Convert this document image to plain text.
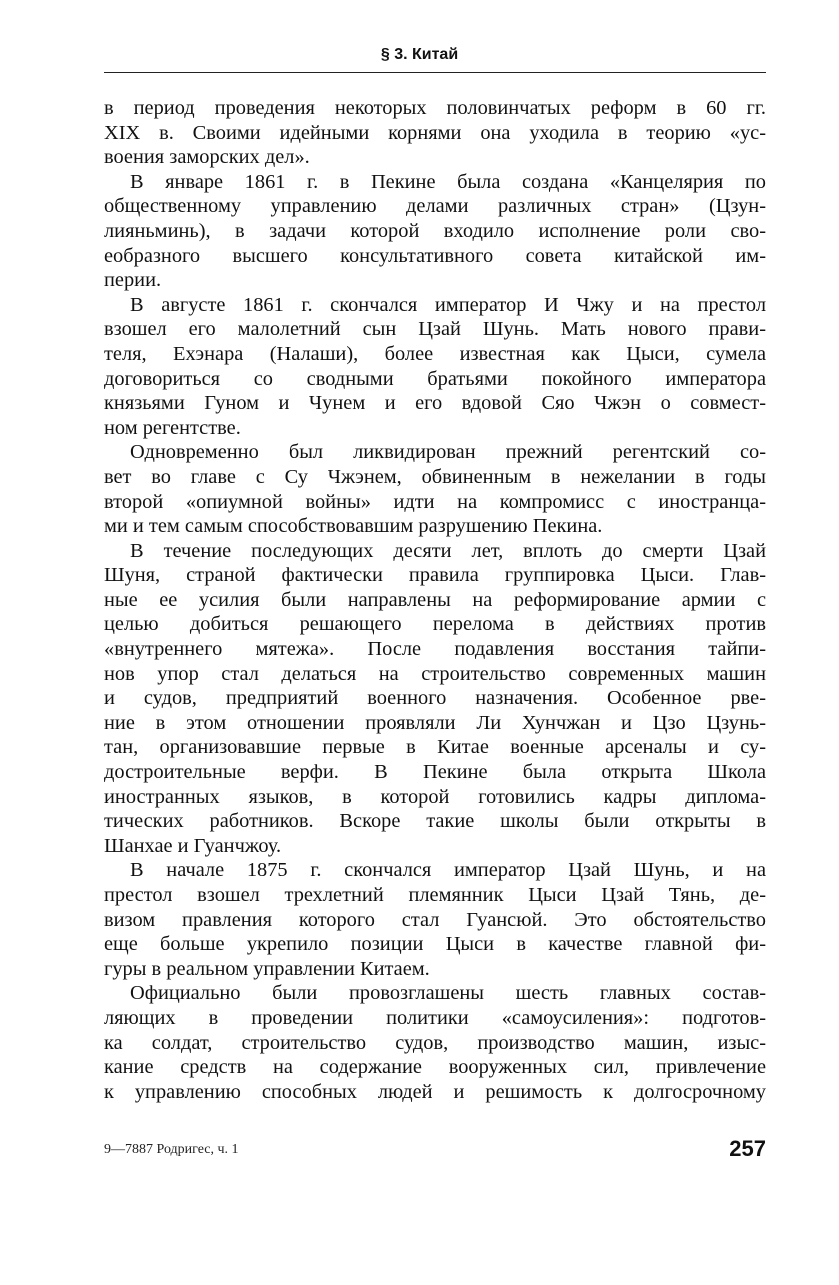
§ 3. Китай
в период проведения некоторых половинчатых реформ в 60 гг.
XIX в. Своими идейными корнями она уходила в теорию «ус-
воения заморских дел».
В январе 1861 г. в Пекине была создана «Канцелярия по
общественному управлению делами различных стран» (Цзун-
лияньминь), в задачи которой входило исполнение роли сво-
еобразного высшего консультативного совета китайской им-
перии.
В августе 1861 г. скончался император И Чжу и на престол
взошел его малолетний сын Цзай Шунь. Мать нового прави-
теля, Ехэнара (Налаши), более известная как Цыси, сумела
договориться со сводными братьями покойного императора
князьями Гуном и Чунем и его вдовой Сяо Чжэн о совмест-
ном регентстве.
Одновременно был ликвидирован прежний регентский со-
вет во главе с Су Чжэнем, обвиненным в нежелании в годы
второй «опиумной войны» идти на компромисс с иностранца-
ми и тем самым способствовавшим разрушению Пекина.
В течение последующих десяти лет, вплоть до смерти Цзай
Шуня, страной фактически правила группировка Цыси. Глав-
ные ее усилия были направлены на реформирование армии с
целью добиться решающего перелома в действиях против
«внутреннего мятежа». После подавления восстания тайпи-
нов упор стал делаться на строительство современных машин
и судов, предприятий военного назначения. Особенное рве-
ние в этом отношении проявляли Ли Хунчжан и Цзо Цзунь-
тан, организовавшие первые в Китае военные арсеналы и су-
достроительные верфи. В Пекине была открыта Школа
иностранных языков, в которой готовились кадры диплома-
тических работников. Вскоре такие школы были открыты в
Шанхае и Гуанчжоу.
В начале 1875 г. скончался император Цзай Шунь, и на
престол взошел трехлетний племянник Цыси Цзай Тянь, де-
визом правления которого стал Гуансюй. Это обстоятельство
еще больше укрепило позиции Цыси в качестве главной фи-
гуры в реальном управлении Китаем.
Официально были провозглашены шесть главных состав-
ляющих в проведении политики «самоусиления»: подготов-
ка солдат, строительство судов, производство машин, изыс-
кание средств на содержание вооруженных сил, привлечение
к управлению способных людей и решимость к долгосрочному
9—7887 Родригес, ч. 1	257
